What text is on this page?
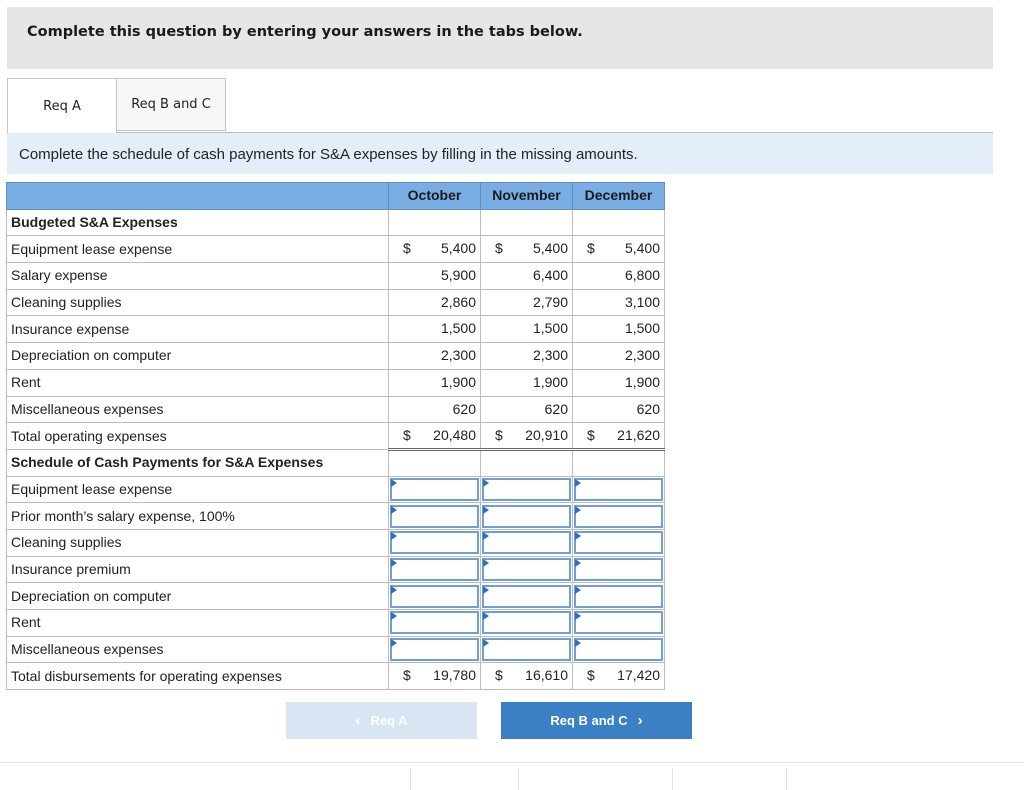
Complete this question by entering your answers in the tabs below.
Req A	Req B and C
Complete the schedule of cash payments for S&A expenses by filling in the missing amounts.
	October	November	December
Budgeted S&A Expenses			
Equipment lease expense	$ 5,400	$ 5,400	$ 5,400

Salary expense	5,900	6,400	6,800

Cleaning supplies	2,860	2,790	3,100

Insurance expense	1,500	1,500	1,500

Depreciation on computer	2,300	2,300	2,300

Rent	1,900	1,900	1,900

Miscellaneous expenses	620	620	620

Total operating expenses	$ 20,480	$ 20,910	$ 21,620

Schedule of Cash Payments for S&A Expenses			
Equipment lease expense	

Prior month’s salary expense, 100%	

Cleaning supplies	

Insurance premium	

Depreciation on computer	

Rent	

Miscellaneous expenses	

Total disbursements for operating expenses	$ 19,780	$ 16,610	$ 17,420
‹ Req A	Req B and C ›
